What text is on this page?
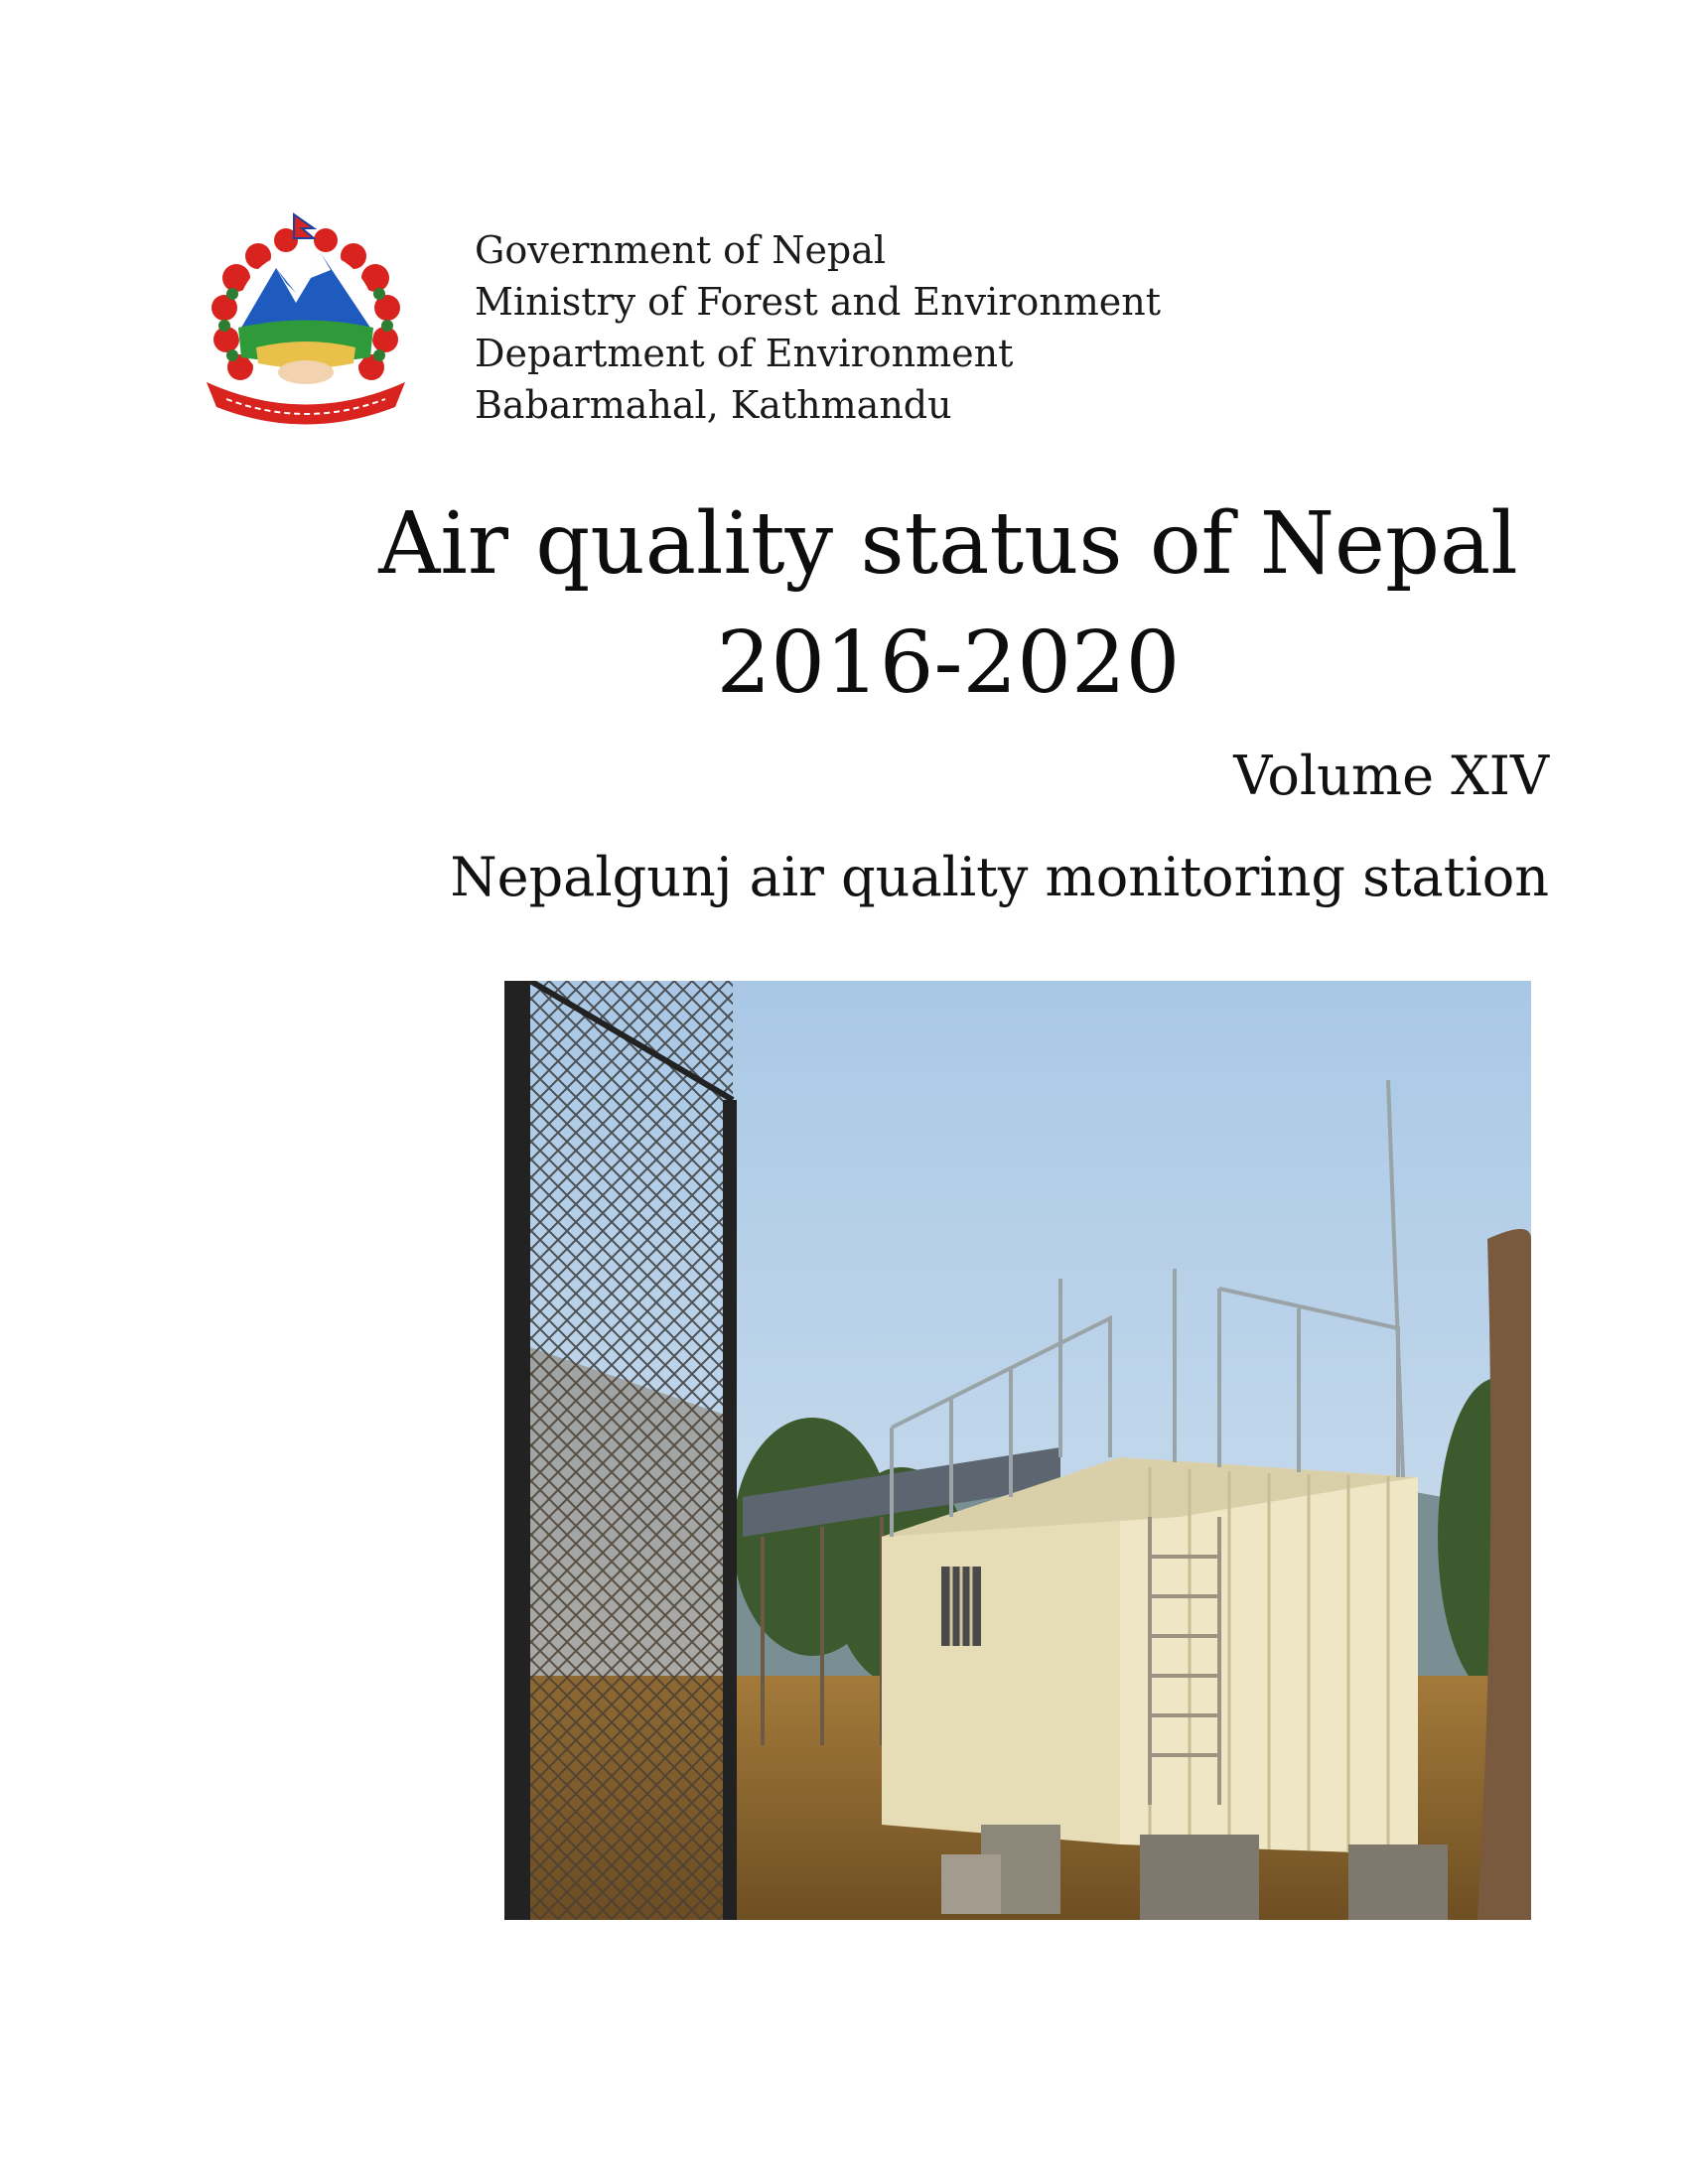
Government of Nepal
Ministry of Forest and Environment
Department of Environment
Babarmahal, Kathmandu
Air quality status of Nepal
2016-2020
Volume XIV
Nepalgunj air quality monitoring station
